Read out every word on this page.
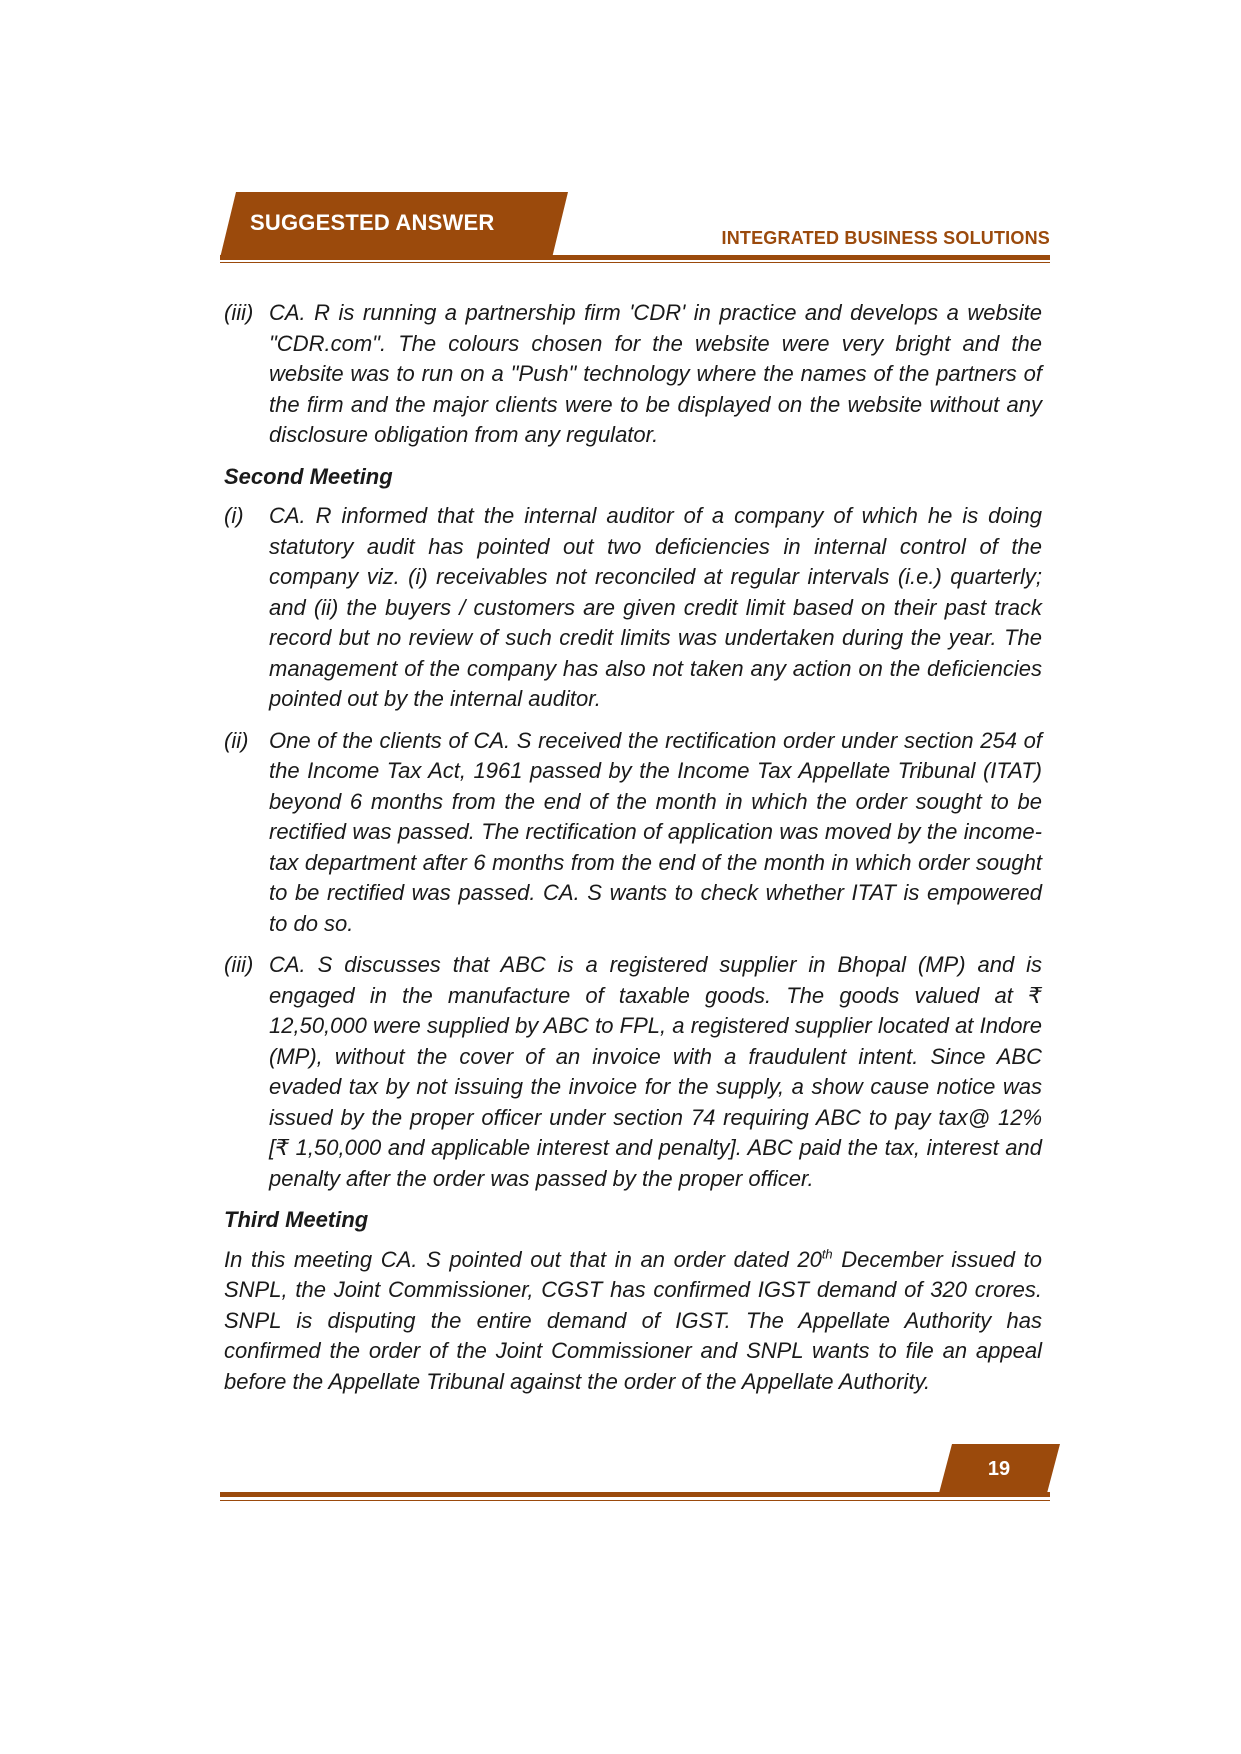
SUGGESTED ANSWER
INTEGRATED BUSINESS SOLUTIONS
(iii) CA. R is running a partnership firm 'CDR' in practice and develops a website "CDR.com". The colours chosen for the website were very bright and the website was to run on a "Push" technology where the names of the partners of the firm and the major clients were to be displayed on the website without any disclosure obligation from any regulator.
Second Meeting
(i)	CA. R informed that the internal auditor of a company of which he is doing statutory audit has pointed out two deficiencies in internal control of the company viz. (i) receivables not reconciled at regular intervals (i.e.) quarterly; and (ii) the buyers / customers are given credit limit based on their past track record but no review of such credit limits was undertaken during the year. The management of the company has also not taken any action on the deficiencies pointed out by the internal auditor.
(ii) One of the clients of CA. S received the rectification order under section 254 of the Income Tax Act, 1961 passed by the Income Tax Appellate Tribunal (ITAT) beyond 6 months from the end of the month in which the order sought to be rectified was passed. The rectification of application was moved by the income-tax department after 6 months from the end of the month in which order sought to be rectified was passed. CA. S wants to check whether ITAT is empowered to do so.
(iii) CA. S discusses that ABC is a registered supplier in Bhopal (MP) and is engaged in the manufacture of taxable goods. The goods valued at ₹ 12,50,000 were supplied by ABC to FPL, a registered supplier located at Indore (MP), without the cover of an invoice with a fraudulent intent. Since ABC evaded tax by not issuing the invoice for the supply, a show cause notice was issued by the proper officer under section 74 requiring ABC to pay tax@ 12% [₹ 1,50,000 and applicable interest and penalty]. ABC paid the tax, interest and penalty after the order was passed by the proper officer.
Third Meeting
In this meeting CA. S pointed out that in an order dated 20th December issued to SNPL, the Joint Commissioner, CGST has confirmed IGST demand of 320 crores. SNPL is disputing the entire demand of IGST. The Appellate Authority has confirmed the order of the Joint Commissioner and SNPL wants to file an appeal before the Appellate Tribunal against the order of the Appellate Authority.
19
